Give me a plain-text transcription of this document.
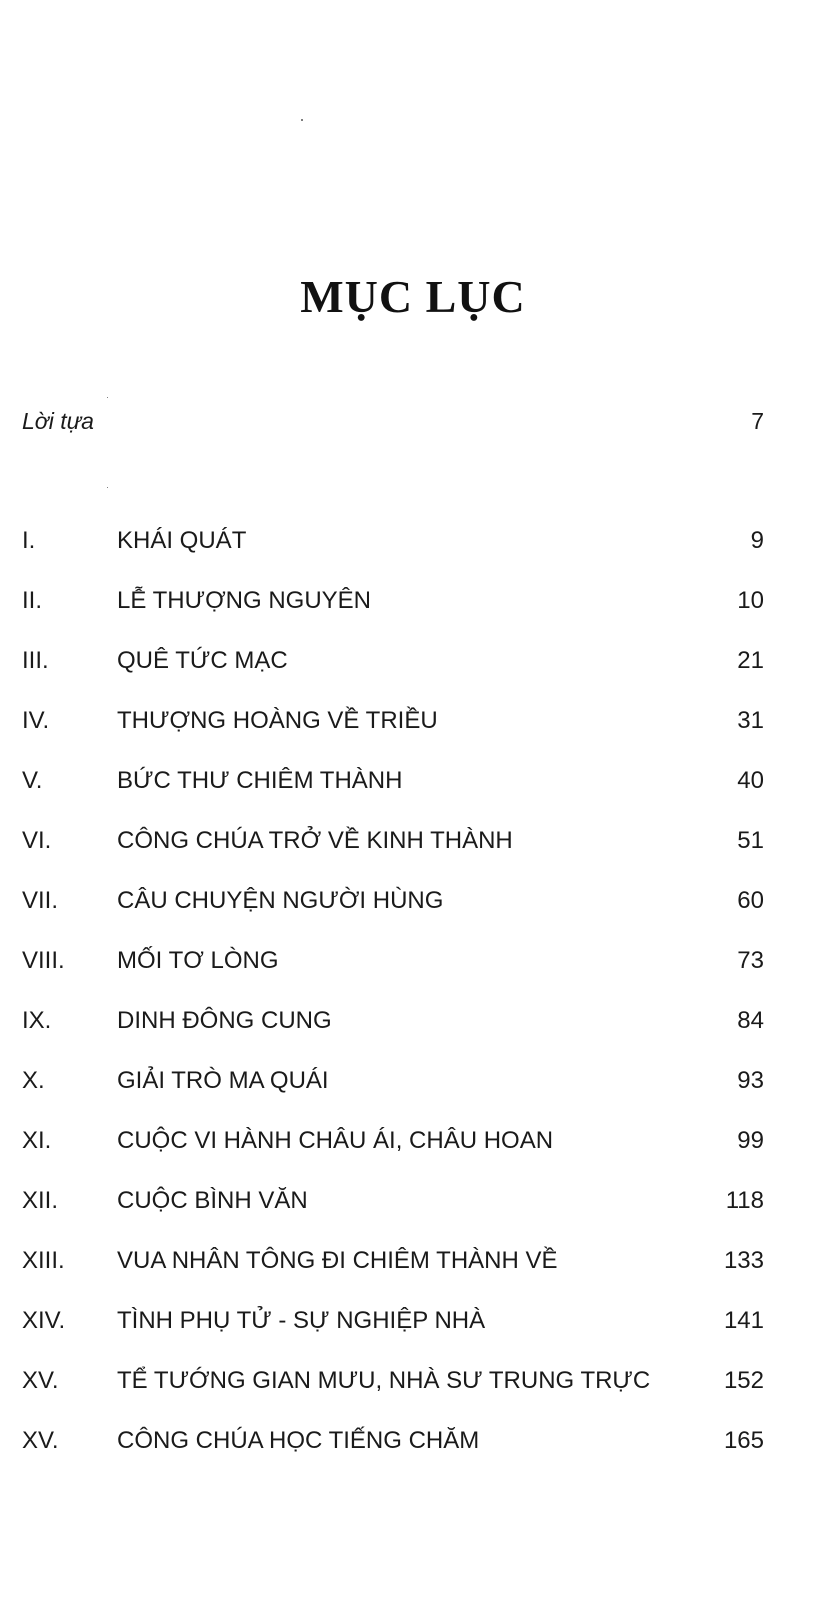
MỤC LỤC
Lời tựa	7
I.	KHÁI QUÁT	9
II.	LỄ THƯỢNG NGUYÊN	10
III.	QUÊ TỨC MẠC	21
IV.	THƯỢNG HOÀNG VỀ TRIỀU	31
V.	BỨC THƯ CHIÊM THÀNH	40
VI.	CÔNG CHÚA TRỞ VỀ KINH THÀNH	51
VII.	CÂU CHUYỆN NGƯỜI HÙNG	60
VIII.	MỐI TƠ LÒNG	73
IX.	DINH ĐÔNG CUNG	84
X.	GIẢI TRÒ MA QUÁI	93
XI.	CUỘC VI HÀNH CHÂU ÁI, CHÂU HOAN	99
XII.	CUỘC BÌNH VĂN	118
XIII.	VUA NHÂN TÔNG ĐI CHIÊM THÀNH VỀ	133
XIV.	TÌNH PHỤ TỬ - SỰ NGHIỆP NHÀ	141
XV.	TỂ TƯỚNG GIAN MƯU, NHÀ SƯ TRUNG TRỰC	152
XV.	CÔNG CHÚA HỌC TIẾNG CHĂM	165
